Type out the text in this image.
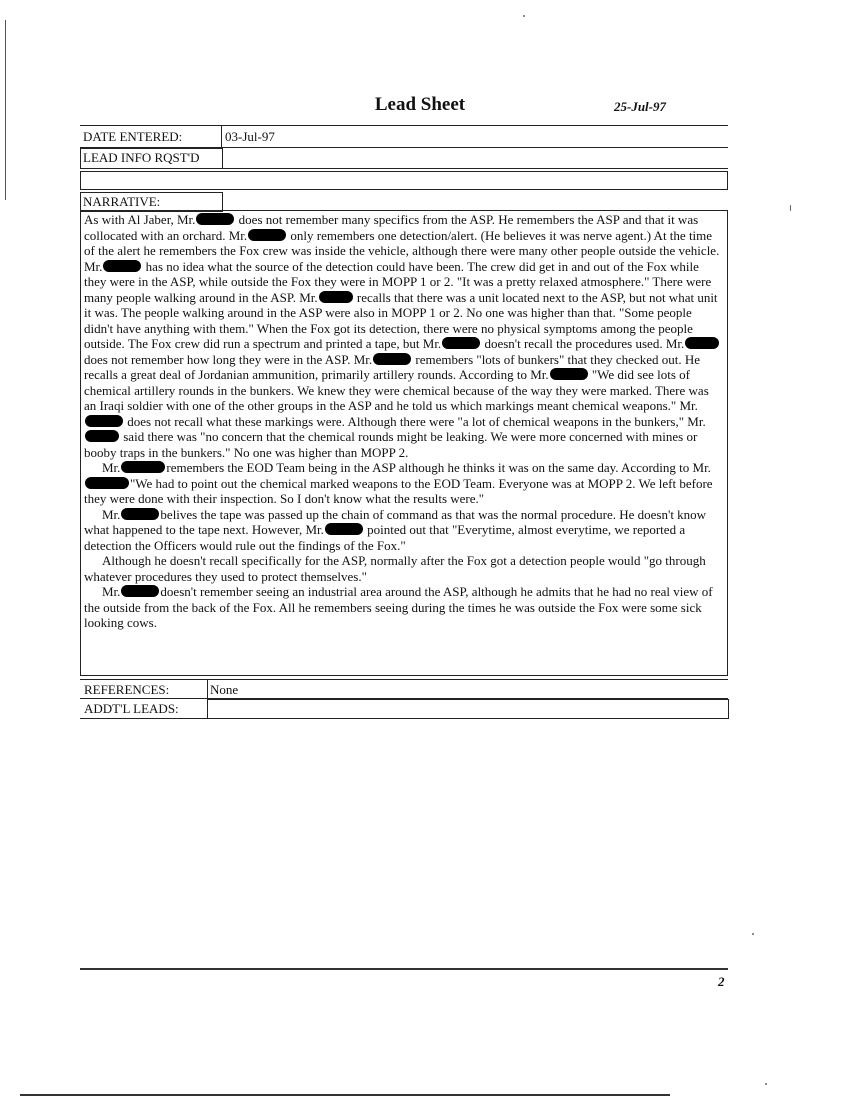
Lead Sheet	25-Jul-97
DATE ENTERED:	03-Jul-97
LEAD INFO RQST'D
NARRATIVE:

As with Al Jaber, Mr.	does not remember many specifics from the ASP. He remembers the ASP and that it was collocated with an orchard. Mr.	only remembers one detection/alert. (He believes it was nerve agent.) At the time of the alert he remembers the Fox crew was inside the vehicle, although there were many other people outside the vehicle. Mr.	has no idea what the source of the detection could have been. The crew did get in and out of the Fox while they were in the ASP, while outside the Fox they were in MOPP 1 or 2. "It was a pretty relaxed atmosphere." There were many people walking around in the ASP. Mr.	recalls that there was a unit located next to the ASP, but not what unit it was. The people walking around in the ASP were also in MOPP 1 or 2. No one was higher than that. "Some people didn't have anything with them." When the Fox got its detection, there were no physical symptoms among the people outside. The Fox crew did run a spectrum and printed a tape, but Mr.	doesn't recall the procedures used. Mr. does not remember how long they were in the ASP. Mr.	remembers "lots of bunkers" that they checked out. He recalls a great deal of Jordanian ammunition, primarily artillery rounds. According to Mr.	"We did see lots of chemical artillery rounds in the bunkers. We knew they were chemical because of the way they were marked. There was an Iraqi soldier with one of the other groups in the ASP and he told us which markings meant chemical weapons." Mr. does not recall what these markings were. Although there were "a lot of chemical weapons in the bunkers," Mr. said there was "no concern that the chemical rounds might be leaking. We were more concerned with mines or booby traps in the bunkers." No one was higher than MOPP 2.

Mr.	remembers the EOD Team being in the ASP although he thinks it was on the same day. According to Mr."We had to point out the chemical marked weapons to the EOD Team. Everyone was at MOPP 2. We left before they were done with their inspection. So I don't know what the results were."

Mr.	belives the tape was passed up the chain of command as that was the normal procedure. He doesn't know what happened to the tape next. However, Mr.	pointed out that "Everytime, almost everytime, we reported a detection the Officers would rule out the findings of the Fox."

Although he doesn't recall specifically for the ASP, normally after the Fox got a detection people would "go through whatever procedures they used to protect themselves."

Mr.	doesn't remember seeing an industrial area around the ASP, although he admits that he had no real view of the outside from the back of the Fox. All he remembers seeing during the times he was outside the Fox were some sick looking cows.

REFERENCES:	None
ADDT'L LEADS:
2
